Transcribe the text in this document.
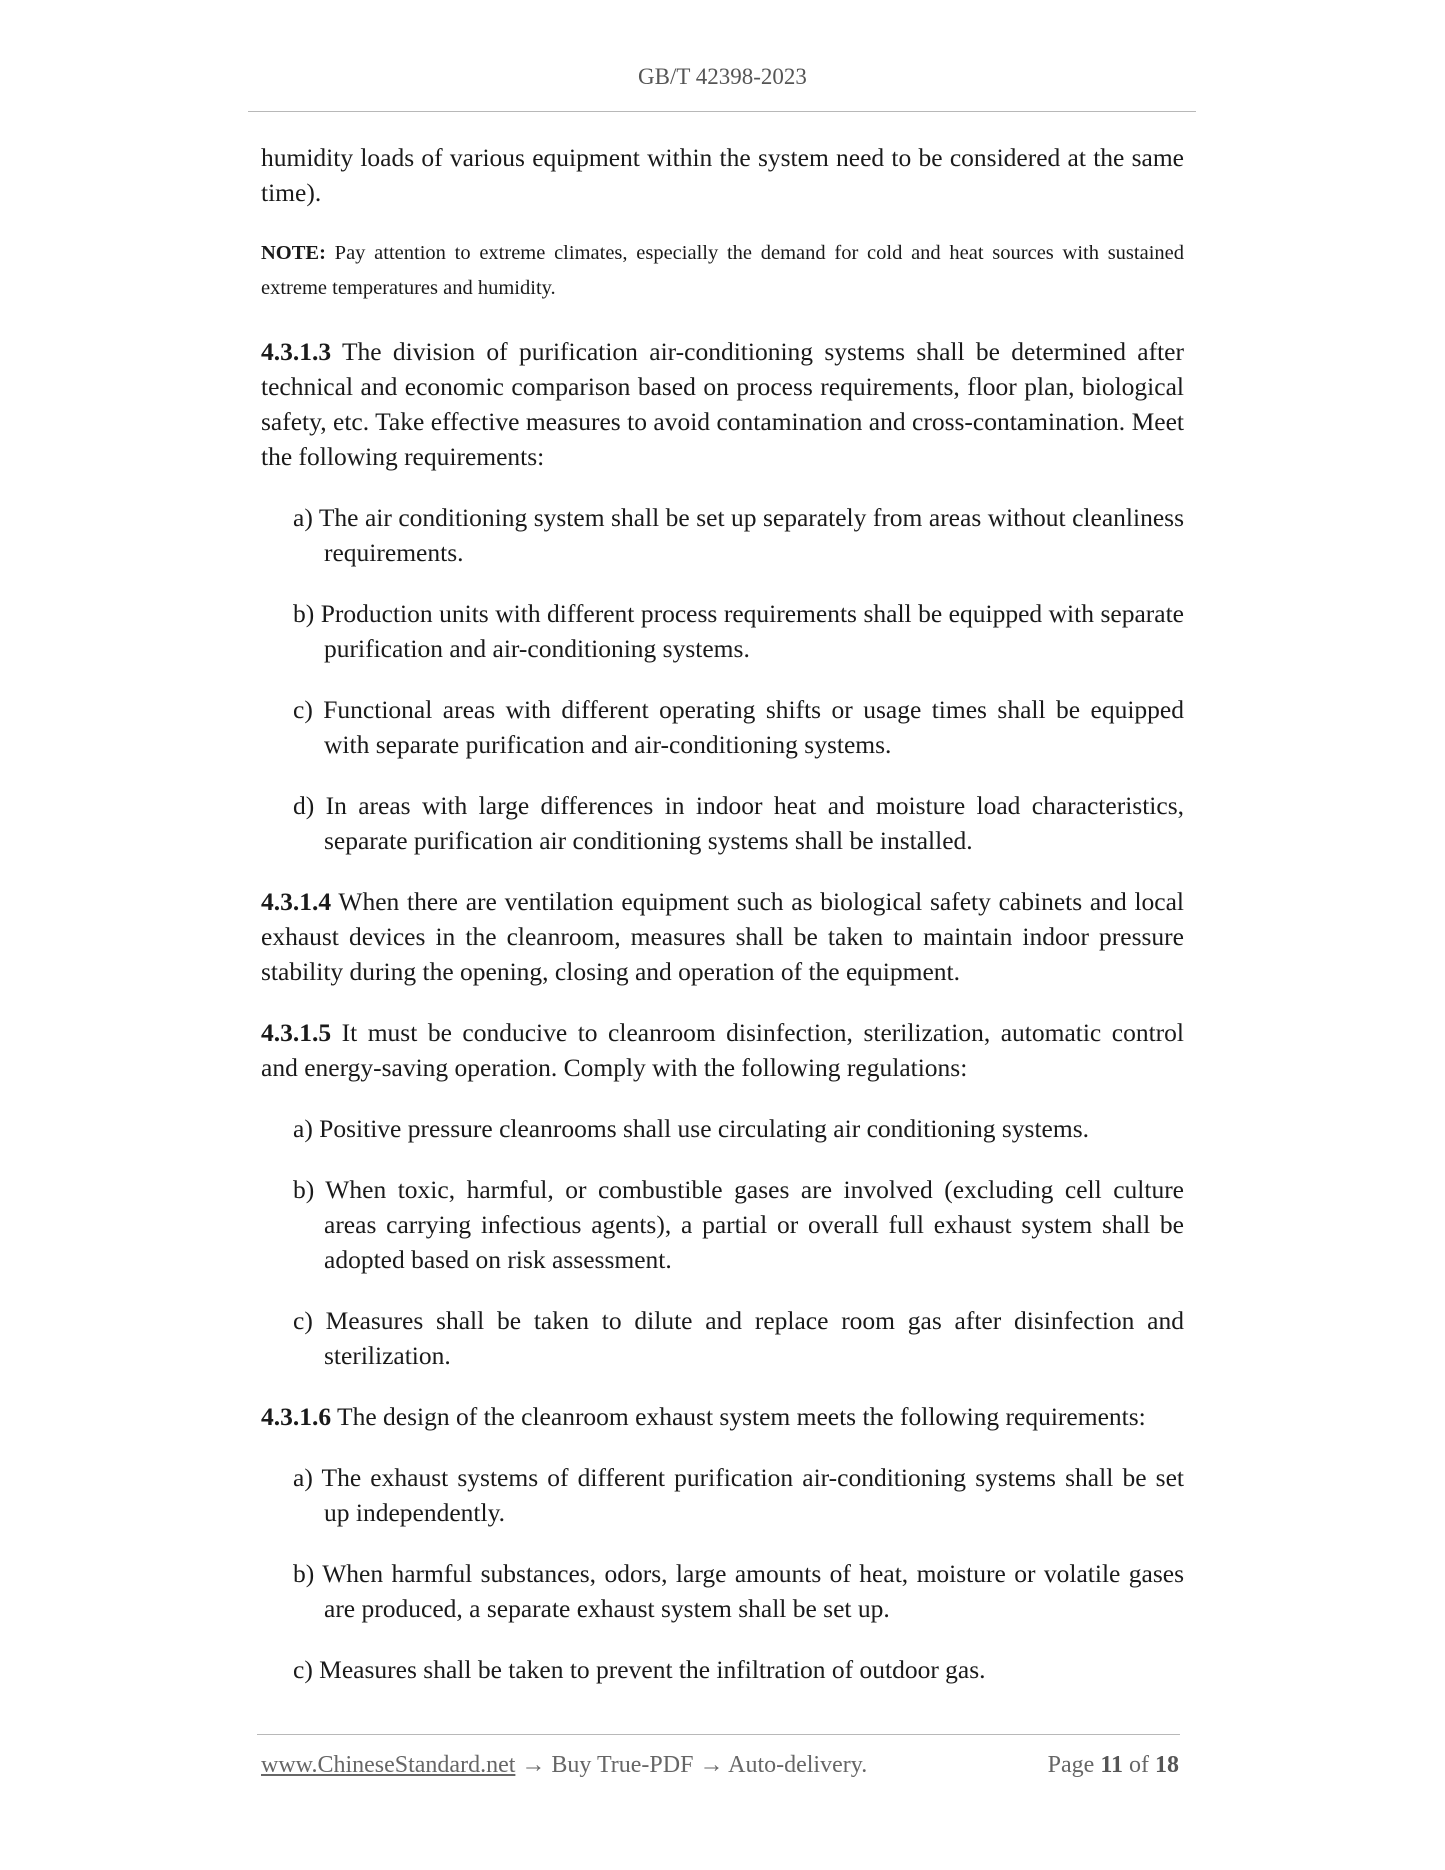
GB/T 42398-2023

humidity loads of various equipment within the system need to be considered at the same time).

NOTE: Pay attention to extreme climates, especially the demand for cold and heat sources with sustained extreme temperatures and humidity.

4.3.1.3 The division of purification air-conditioning systems shall be determined after technical and economic comparison based on process requirements, floor plan, biological safety, etc. Take effective measures to avoid contamination and cross-contamination. Meet the following requirements:

a) The air conditioning system shall be set up separately from areas without cleanliness requirements.

b) Production units with different process requirements shall be equipped with separate purification and air-conditioning systems.

c) Functional areas with different operating shifts or usage times shall be equipped with separate purification and air-conditioning systems.

d) In areas with large differences in indoor heat and moisture load characteristics, separate purification air conditioning systems shall be installed.

4.3.1.4 When there are ventilation equipment such as biological safety cabinets and local exhaust devices in the cleanroom, measures shall be taken to maintain indoor pressure stability during the opening, closing and operation of the equipment.

4.3.1.5 It must be conducive to cleanroom disinfection, sterilization, automatic control and energy-saving operation. Comply with the following regulations:

a) Positive pressure cleanrooms shall use circulating air conditioning systems.

b) When toxic, harmful, or combustible gases are involved (excluding cell culture areas carrying infectious agents), a partial or overall full exhaust system shall be adopted based on risk assessment.

c) Measures shall be taken to dilute and replace room gas after disinfection and sterilization.

4.3.1.6 The design of the cleanroom exhaust system meets the following requirements:

a) The exhaust systems of different purification air-conditioning systems shall be set up independently.

b) When harmful substances, odors, large amounts of heat, moisture or volatile gases are produced, a separate exhaust system shall be set up.

c) Measures shall be taken to prevent the infiltration of outdoor gas.

www.ChineseStandard.net → Buy True-PDF → Auto-delivery.	Page 11 of 18
